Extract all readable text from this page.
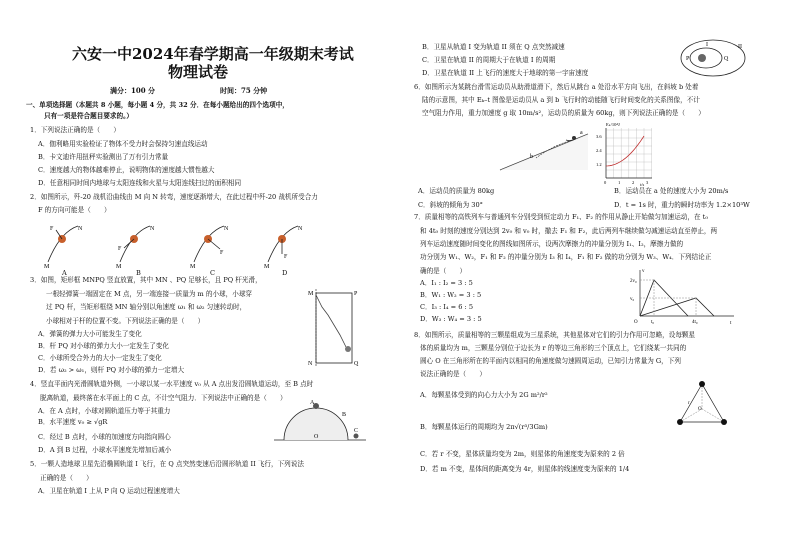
六安一中2024年春学期高一年级期末考试
物理试卷
满分：100 分	时间：75 分钟
一、单项选择题（本题共 8 小题，每小题 4 分，共 32 分．在每小题给出的四个选项中，
只有一项是符合题目要求的。）
1．下列说法正确的是（　　）
A．伽利略用实验检证了物体不受力时会保持匀速直线运动
B．卡文迪许用扭秤实验测出了万有引力常量
C．速度越大的物体越难停止，说明物体的速度越大惯性越大
D．任意相同时间内地球与太阳连线和火星与太阳连线扫过的面积相同
2．如图所示，歼-20 战机沿曲线由 M 向 N 转弯，速度逐渐增大，在此过程中歼-20 战机所受合力
F 的方向可能是（　　）
M
N
F
M
N
F
M
N
F
M
N
F
A	B	C	D
3．如图，矩形框 MNPQ 竖直放置，其中 MN 、PQ 足够长，且 PQ 杆光滑，
一根轻弹簧一端固定在 M 点，另一端连接一质量为 m 的小球，小球穿
过 PQ 杆，当矩形框绕 MN 轴分别以角速度 ω₁ 和 ω₂ 匀速转动时，
小球相对于杆的位置不变。下列说法正确的是（　　）
A．弹簧的弹力大小可能发生了变化
B．杆 PQ 对小球的弹力大小一定发生了变化
C．小球所受合外力的大小一定发生了变化
D．若 ω₂ > ω₁，则杆 PQ 对小球的弹力一定增大
M	P
N	Q
4．竖直平面内光滑圆轨道外侧，一小球以某一水平速度 v₀ 从 A 点出发沿圆轨道运动，至 B 点时
脱离轨道，最终落在水平面上的 C 点，不计空气阻力．下列说法中正确的是（　　）
A．在 A 点时，小球对圆轨道压力等于其重力
B．水平速度 v₀ ≥ √gR
C．经过 B 点时，小球的加速度方向指向圆心
D．A 到 B 过程，小球水平速度先增加后减小
A
B
C
O
5．一颗人造地球卫星先沿椭圆轨道 I 飞行，在 Q 点突然变速后沿圆形轨道 II 飞行，下列说法
正确的是（　　）
A．卫星在轨道 I 上从 P 向 Q 运动过程速度增大
B．卫星从轨道 I 变为轨道 II 须在 Q 点突然减速
C．卫星在轨道 II 的周期大于在轨道 I 的周期
D．卫星在轨道 II 上飞行的速度大于地球的第一宇宙速度
P	Q
II
I
6．如图所示为某跳台滑雪运动员从助滑道滑下，然后从跳台 a 处沿水平方向飞出，在斜坡 b 处着
陆的示意图，其中 Eₖ–t 图像是运动员从 a 到 b 飞行时的动能随飞行时间变化的关系图像，不计
空气阻力作用，重力加速度 g 取 10m/s²，运动员的质量为 60kg，则下列说法正确的是（　　）
a
b
Eₖ/10⁴J
t/s
3.6
2.4
1.2
0	1	2	3
A．运动员的质量为 80kg	B．运动员在 a 处的速度大小为 20m/s
C．斜坡的倾角为 30°	D．t = 1s 时，重力的瞬时功率为 1.2×10³W
7．质量相等的高铁列车与普通列车分别受到恒定动力 F₁、F₂ 的作用从静止开始做匀加速运动，在 t₀
和 4t₀ 时刻的速度分别达到 2v₀ 和 v₀ 时，撤去 F₁ 和 F₂，此后两列车继续做匀减速运动直至停止，两
列车运动速度随时间变化的图线如图所示，设两次摩擦力的冲量分别为 I₁、I₂，摩擦力做的
功分别为 W₁、W₂，F₁ 和 F₂ 的冲量分别为 I₃ 和 I₄，F₁ 和 F₂ 做的功分别为 W₃、W₄．下列结论正
确的是（　　）
A．I₁ : I₂ = 3 : 5
B．W₁ : W₂ = 3 : 5
C．I₃ : I₄ = 6 : 5
D．W₃ : W₄ = 3 : 5
v
t
2v₀
v₀
O	t₀	4t₀
8．如图所示，质量相等的三颗星组成为三星系统，其他星体对它们的引力作用可忽略，设每颗星
体的质量均为 m，三颗星分别位于边长为 r 的等边三角形的三个顶点上，它们绕某一共同的
圆心 O 在三角形所在的平面内以相同的角速度做匀速圆周运动，已知引力常量为 G，下列
说法正确的是（　　）
A．每颗星体受到的向心力大小为 2G m²/r²
B．每颗星体运行的周期均为 2π√(r³/3Gm)
C．若 r 不变，星体质量均变为 2m，则星体的角速度变为原来的 2 倍
D．若 m 不变，星体间的距离变为 4r，则星体的线速度变为原来的 1/4
O
r
